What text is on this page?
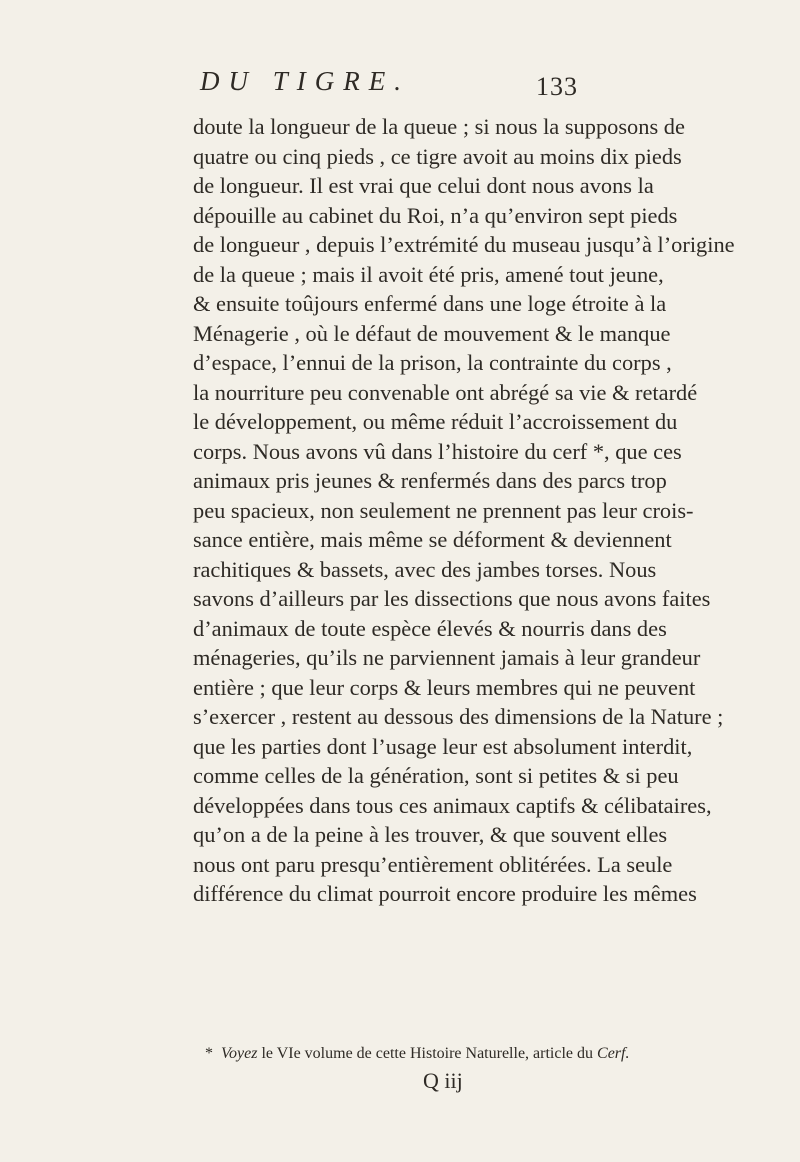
DU TIGRE.	133
doute la longueur de la queue ; si nous la supposons de
quatre ou cinq pieds , ce tigre avoit au moins dix pieds
de longueur. Il est vrai que celui dont nous avons la
dépouille au cabinet du Roi, n’a qu’environ sept pieds
de longueur , depuis l’extrémité du museau jusqu’à l’origine
de la queue ; mais il avoit été pris, amené tout jeune,
& ensuite toûjours enfermé dans une loge étroite à la
Ménagerie , où le défaut de mouvement & le manque
d’espace, l’ennui de la prison, la contrainte du corps ,
la nourriture peu convenable ont abrégé sa vie & retardé
le développement, ou même réduit l’accroissement du
corps. Nous avons vû dans l’histoire du cerf *, que ces
animaux pris jeunes & renfermés dans des parcs trop
peu spacieux, non seulement ne prennent pas leur crois-
sance entière, mais même se déforment & deviennent
rachitiques & bassets, avec des jambes torses. Nous
savons d’ailleurs par les dissections que nous avons faites
d’animaux de toute espèce élevés & nourris dans des
ménageries, qu’ils ne parviennent jamais à leur grandeur
entière ; que leur corps & leurs membres qui ne peuvent
s’exercer , restent au dessous des dimensions de la Nature ;
que les parties dont l’usage leur est absolument interdit,
comme celles de la génération, sont si petites & si peu
développées dans tous ces animaux captifs & célibataires,
qu’on a de la peine à les trouver, & que souvent elles
nous ont paru presqu’entièrement oblitérées. La seule
différence du climat pourroit encore produire les mêmes
* Voyez le VIe volume de cette Histoire Naturelle, article du Cerf.
Q iij
